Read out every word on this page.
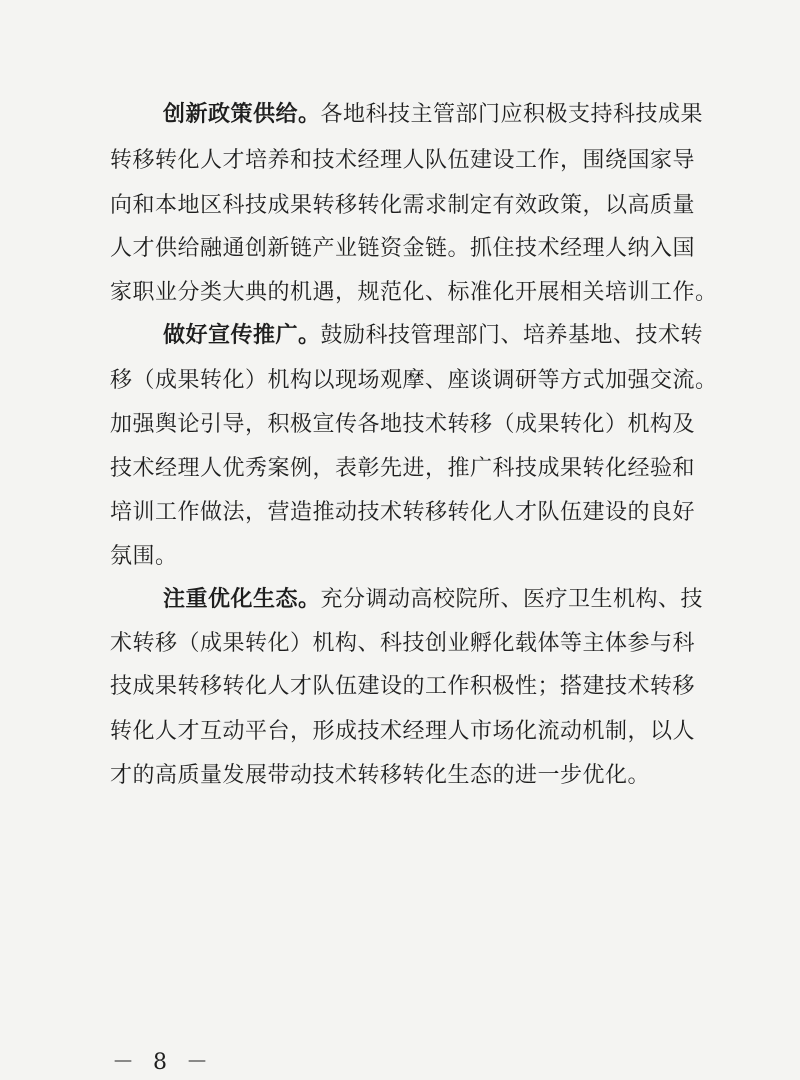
创新政策供给。各地科技主管部门应积极支持科技成果
转移转化人才培养和技术经理人队伍建设工作，围绕国家导
向和本地区科技成果转移转化需求制定有效政策，以高质量
人才供给融通创新链产业链资金链。抓住技术经理人纳入国
家职业分类大典的机遇，规范化、标准化开展相关培训工作。
做好宣传推广。鼓励科技管理部门、培养基地、技术转
移（成果转化）机构以现场观摩、座谈调研等方式加强交流。
加强舆论引导，积极宣传各地技术转移（成果转化）机构及
技术经理人优秀案例，表彰先进，推广科技成果转化经验和
培训工作做法，营造推动技术转移转化人才队伍建设的良好
氛围。
注重优化生态。充分调动高校院所、医疗卫生机构、技
术转移（成果转化）机构、科技创业孵化载体等主体参与科
技成果转移转化人才队伍建设的工作积极性；搭建技术转移
转化人才互动平台，形成技术经理人市场化流动机制，以人
才的高质量发展带动技术转移转化生态的进一步优化。
－ 8 －
